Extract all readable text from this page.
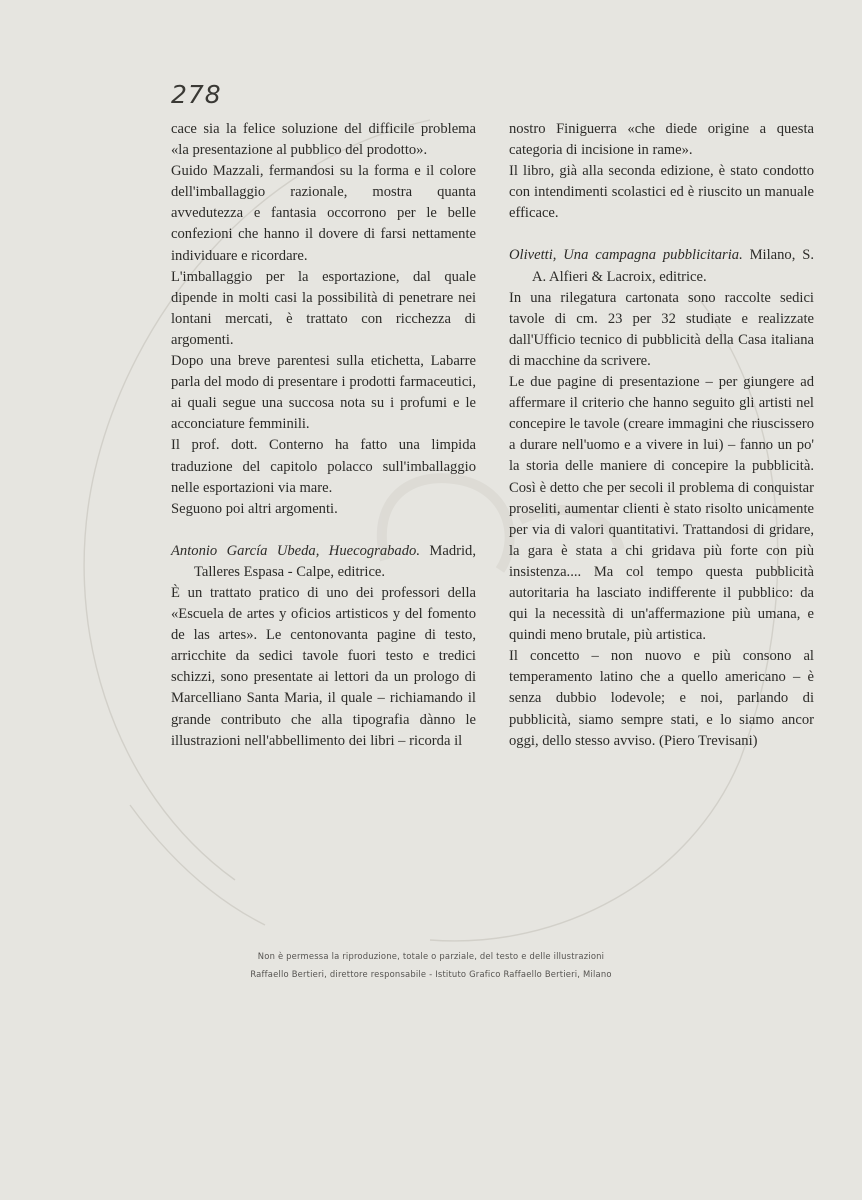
278

cace sia la felice soluzione del difficile problema «la presentazione al pubblico del prodotto».

Guido Mazzali, fermandosi su la forma e il colore dell'imballaggio razionale, mostra quanta avvedutezza e fantasia occorrono per le belle confezioni che hanno il dovere di farsi nettamente individuare e ricordare.

L'imballaggio per la esportazione, dal quale dipende in molti casi la possibilità di penetrare nei lontani mercati, è trattato con ricchezza di argomenti.

Dopo una breve parentesi sulla etichetta, Labarre parla del modo di presentare i prodotti farmaceutici, ai quali segue una succosa nota su i profumi e le acconciature femminili.

Il prof. dott. Conterno ha fatto una limpida traduzione del capitolo polacco sull'imballaggio nelle esportazioni via mare.

Seguono poi altri argomenti.

Antonio García Ubeda, Huecograbado. Madrid, Talleres Espasa - Calpe, editrice.

È un trattato pratico di uno dei professori della «Escuela de artes y oficios artisticos y del fomento de las artes». Le centonovanta pagine di testo, arricchite da sedici tavole fuori testo e tredici schizzi, sono presentate ai lettori da un prologo di Marcelliano Santa Maria, il quale – richiamando il grande contributo che alla tipografia dànno le illustrazioni nell'abbellimento dei libri – ricorda il

nostro Finiguerra «che diede origine a questa categoria di incisione in rame».

Il libro, già alla seconda edizione, è stato condotto con intendimenti scolastici ed è riuscito un manuale efficace.

Olivetti, Una campagna pubblicitaria. Milano, S. A. Alfieri & Lacroix, editrice.

In una rilegatura cartonata sono raccolte sedici tavole di cm. 23 per 32 studiate e realizzate dall'Ufficio tecnico di pubblicità della Casa italiana di macchine da scrivere.

Le due pagine di presentazione – per giungere ad affermare il criterio che hanno seguito gli artisti nel concepire le tavole (creare immagini che riuscissero a durare nell'uomo e a vivere in lui) – fanno un po' la storia delle maniere di concepire la pubblicità. Così è detto che per secoli il problema di conquistar proseliti, aumentar clienti è stato risolto unicamente per via di valori quantitativi. Trattandosi di gridare, la gara è stata a chi gridava più forte con più insistenza.... Ma col tempo questa pubblicità autoritaria ha lasciato indifferente il pubblico: da qui la necessità di un'affermazione più umana, e quindi meno brutale, più artistica.

Il concetto – non nuovo e più consono al temperamento latino che a quello americano – è senza dubbio lodevole; e noi, parlando di pubblicità, siamo sempre stati, e lo siamo ancor oggi, dello stesso avviso. (Piero Trevisani)

Non è permessa la riproduzione, totale o parziale, del testo e delle illustrazioni
Raffaello Bertieri, direttore responsabile - Istituto Grafico Raffaello Bertieri, Milano
